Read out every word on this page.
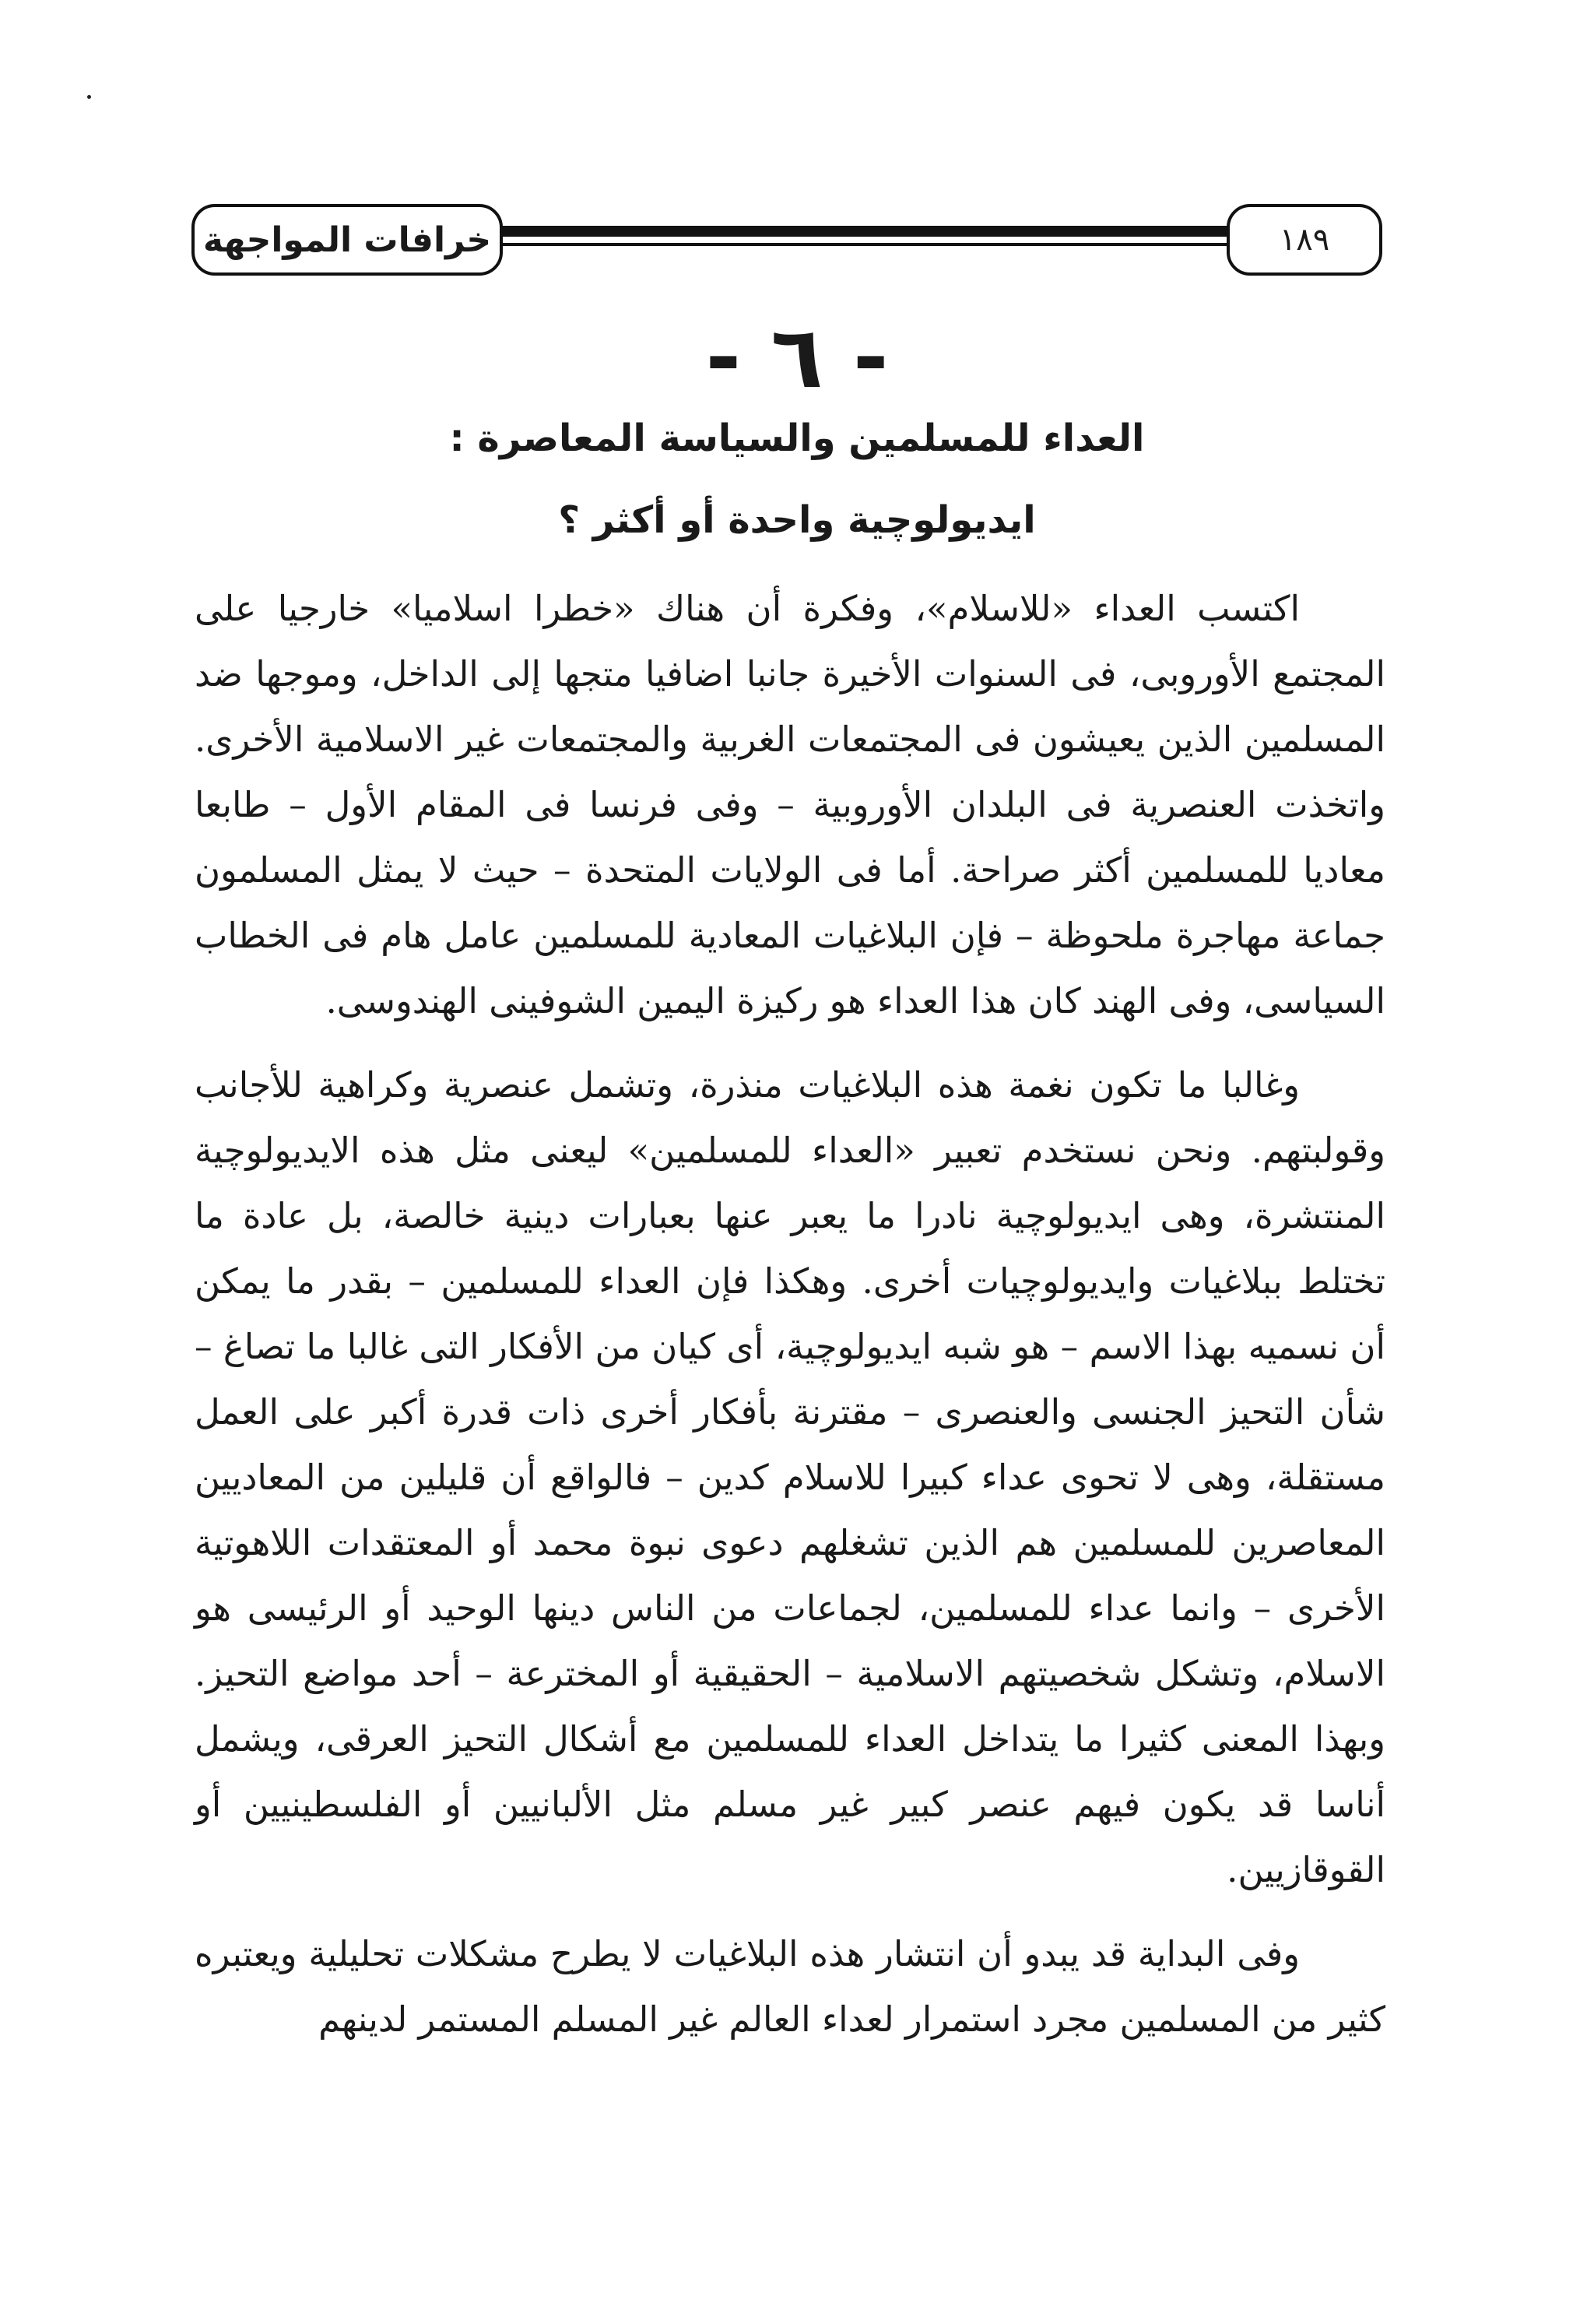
خرافات المواجهة	١٨٩
- ٦ -
العداء للمسلمين والسياسة المعاصرة :
ايديولوچية واحدة أو أكثر ؟

اكتسب العداء «للاسلام»، وفكرة أن هناك «خطرا اسلاميا» خارجيا على المجتمع الأوروبى، فى السنوات الأخيرة جانبا اضافيا متجها إلى الداخل، وموجها ضد المسلمين الذين يعيشون فى المجتمعات الغربية والمجتمعات غير الاسلامية الأخرى. واتخذت العنصرية فى البلدان الأوروبية – وفى فرنسا فى المقام الأول – طابعا معاديا للمسلمين أكثر صراحة. أما فى الولايات المتحدة – حيث لا يمثل المسلمون جماعة مهاجرة ملحوظة – فإن البلاغيات المعادية للمسلمين عامل هام فى الخطاب السياسى، وفى الهند كان هذا العداء هو ركيزة اليمين الشوفينى الهندوسى.

وغالبا ما تكون نغمة هذه البلاغيات منذرة، وتشمل عنصرية وكراهية للأجانب وقولبتهم. ونحن نستخدم تعبير «العداء للمسلمين» ليعنى مثل هذه الايديولوچية المنتشرة، وهى ايديولوچية نادرا ما يعبر عنها بعبارات دينية خالصة، بل عادة ما تختلط ببلاغيات وايديولوچيات أخرى. وهكذا فإن العداء للمسلمين – بقدر ما يمكن أن نسميه بهذا الاسم – هو شبه ايديولوچية، أى كيان من الأفكار التى غالبا ما تصاغ – شأن التحيز الجنسى والعنصرى – مقترنة بأفكار أخرى ذات قدرة أكبر على العمل مستقلة، وهى لا تحوى عداء كبيرا للاسلام كدين – فالواقع أن قليلين من المعاديين المعاصرين للمسلمين هم الذين تشغلهم دعوى نبوة محمد أو المعتقدات اللاهوتية الأخرى – وانما عداء للمسلمين، لجماعات من الناس دينها الوحيد أو الرئيسى هو الاسلام، وتشكل شخصيتهم الاسلامية – الحقيقية أو المخترعة – أحد مواضع التحيز. وبهذا المعنى كثيرا ما يتداخل العداء للمسلمين مع أشكال التحيز العرقى، ويشمل أناسا قد يكون فيهم عنصر كبير غير مسلم مثل الألبانيين أو الفلسطينيين أو القوقازيين.

وفى البداية قد يبدو أن انتشار هذه البلاغيات لا يطرح مشكلات تحليلية ويعتبره كثير من المسلمين مجرد استمرار لعداء العالم غير المسلم المستمر لدينهم
